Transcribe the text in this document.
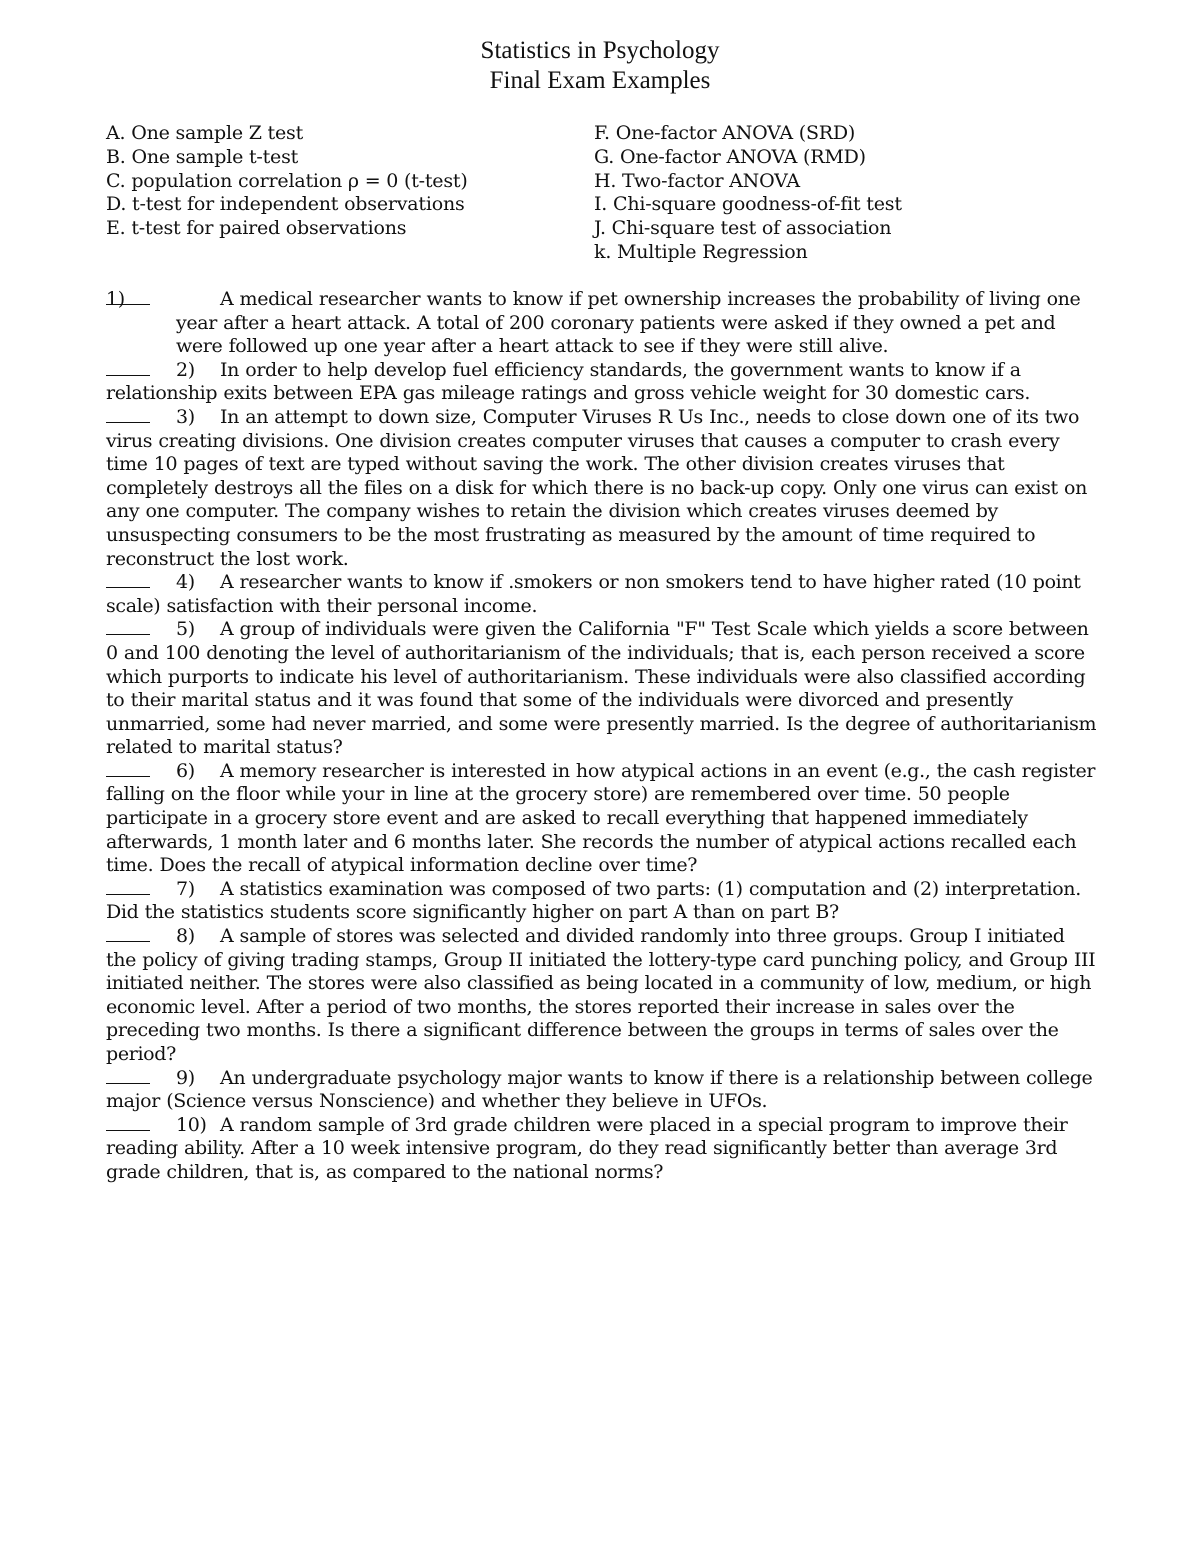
Statistics in Psychology
Final Exam Examples
A. One sample Z test
B. One sample t-test
C. population correlation ρ = 0 (t-test)
D. t-test for independent observations
E. t-test for paired observations
F. One-factor ANOVA (SRD)
G. One-factor ANOVA (RMD)
H. Two-factor ANOVA
I. Chi-square goodness-of-fit test
J. Chi-square test of association
k. Multiple Regression

1)	A medical researcher wants to know if pet ownership increases the probability of living one year after a heart attack. A total of 200 coronary patients were asked if they owned a pet and were followed up one year after a heart attack to see if they were still alive.

2) In order to help develop fuel efficiency standards, the government wants to know if a relationship exits between EPA gas mileage ratings and gross vehicle weight for 30 domestic cars.

3) In an attempt to down size, Computer Viruses R Us Inc., needs to close down one of its two virus creating divisions. One division creates computer viruses that causes a computer to crash every time 10 pages of text are typed without saving the work. The other division creates viruses that completely destroys all the files on a disk for which there is no back-up copy. Only one virus can exist on any one computer. The company wishes to retain the division which creates viruses deemed by unsuspecting consumers to be the most frustrating as measured by the amount of time required to reconstruct the lost work.

4) A researcher wants to know if .smokers or non smokers tend to have higher rated (10 point scale) satisfaction with their personal income.

5) A group of individuals were given the California "F" Test Scale which yields a score between 0 and 100 denoting the level of authoritarianism of the individuals; that is, each person received a score which purports to indicate his level of authoritarianism. These individuals were also classified according to their marital status and it was found that some of the individuals were divorced and presently unmarried, some had never married, and some were presently married. Is the degree of authoritarianism related to marital status?

6) A memory researcher is interested in how atypical actions in an event (e.g., the cash register falling on the floor while your in line at the grocery store) are remembered over time. 50 people participate in a grocery store event and are asked to recall everything that happened immediately afterwards, 1 month later and 6 months later. She records the number of atypical actions recalled each time. Does the recall of atypical information decline over time?

7) A statistics examination was composed of two parts: (1) computation and (2) interpretation. Did the statistics students score significantly higher on part A than on part B?

8) A sample of stores was selected and divided randomly into three groups. Group I initiated the policy of giving trading stamps, Group II initiated the lottery-type card punching policy, and Group III initiated neither. The stores were also classified as being located in a community of low, medium, or high economic level. After a period of two months, the stores reported their increase in sales over the preceding two months. Is there a significant difference between the groups in terms of sales over the period?

9) An undergraduate psychology major wants to know if there is a relationship between college major (Science versus Nonscience) and whether they believe in UFOs.

10) A random sample of 3rd grade children were placed in a special program to improve their reading ability. After a 10 week intensive program, do they read significantly better than average 3rd grade children, that is, as compared to the national norms?
